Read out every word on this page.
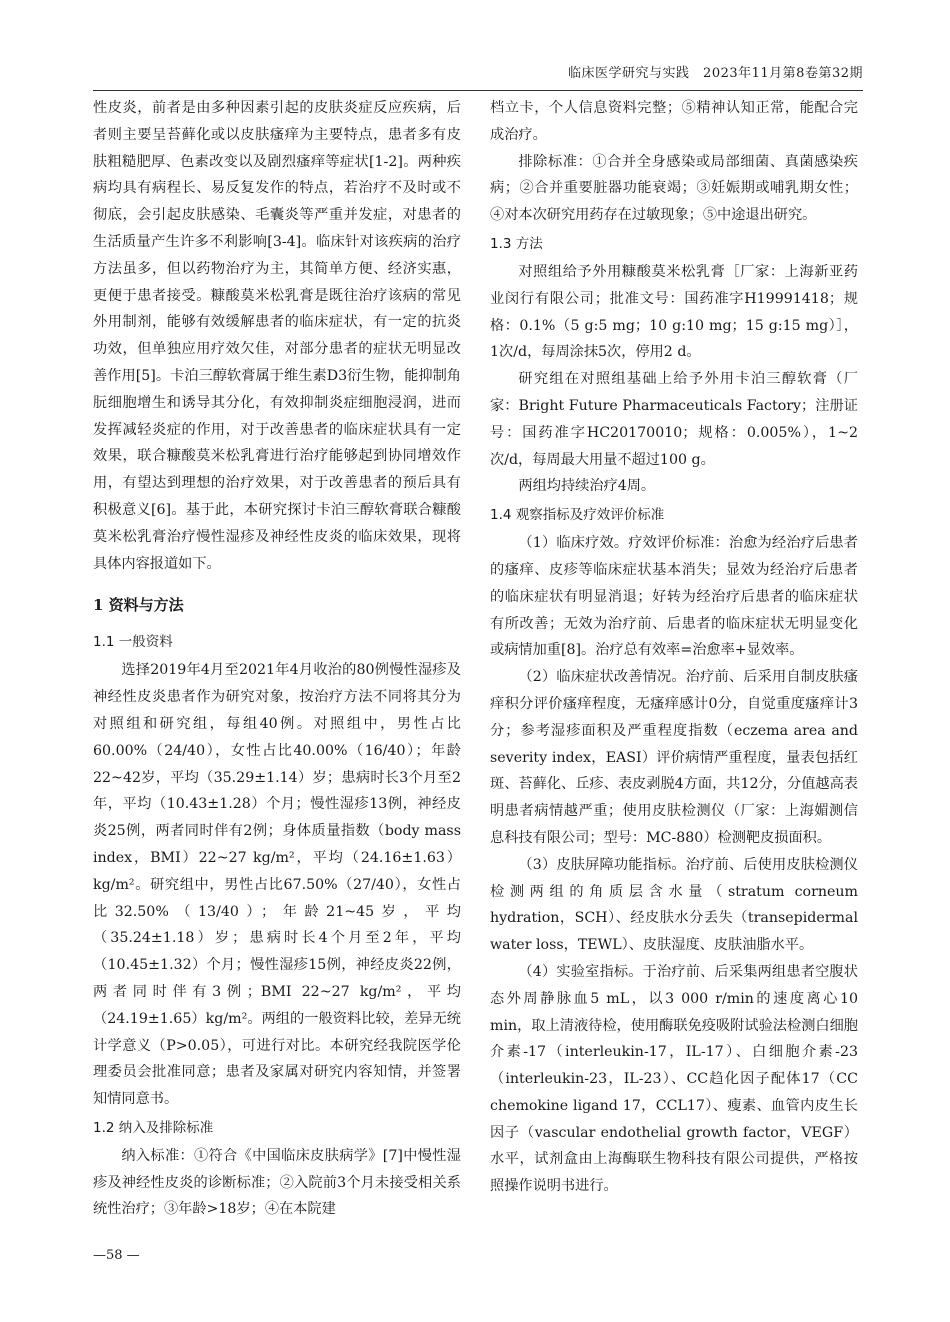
临床医学研究与实践　2023年11月第8卷第32期

性皮炎，前者是由多种因素引起的皮肤炎症反应疾病，后者则主要呈苔藓化或以皮肤瘙痒为主要特点，患者多有皮肤粗糙肥厚、色素改变以及剧烈瘙痒等症状[1-2]。两种疾病均具有病程长、易反复发作的特点，若治疗不及时或不彻底，会引起皮肤感染、毛囊炎等严重并发症，对患者的生活质量产生许多不利影响[3-4]。临床针对该疾病的治疗方法虽多，但以药物治疗为主，其简单方便、经济实惠，更便于患者接受。糠酸莫米松乳膏是既往治疗该病的常见外用制剂，能够有效缓解患者的临床症状，有一定的抗炎功效，但单独应用疗效欠佳，对部分患者的症状无明显改善作用[5]。卡泊三醇软膏属于维生素D3衍生物，能抑制角朊细胞增生和诱导其分化，有效抑制炎症细胞浸润，进而发挥减轻炎症的作用，对于改善患者的临床症状具有一定效果，联合糠酸莫米松乳膏进行治疗能够起到协同增效作用，有望达到理想的治疗效果，对于改善患者的预后具有积极意义[6]。基于此，本研究探讨卡泊三醇软膏联合糠酸莫米松乳膏治疗慢性湿疹及神经性皮炎的临床效果，现将具体内容报道如下。

1 资料与方法
1.1 一般资料

选择2019年4月至2021年4月收治的80例慢性湿疹及神经性皮炎患者作为研究对象，按治疗方法不同将其分为对照组和研究组，每组40例。对照组中，男性占比60.00%（24/40），女性占比40.00%（16/40）；年龄22~42岁，平均（35.29±1.14）岁；患病时长3个月至2年，平均（10.43±1.28）个月；慢性湿疹13例，神经皮炎25例，两者同时伴有2例；身体质量指数（body mass index，BMI）22~27 kg/m²，平均（24.16±1.63）kg/m²。研究组中，男性占比67.50%（27/40），女性占比32.50%（13/40）；年龄21~45岁，平均（35.24±1.18）岁；患病时长4个月至2年，平均（10.45±1.32）个月；慢性湿疹15例，神经皮炎22例，两者同时伴有3例；BMI 22~27 kg/m²，平均（24.19±1.65）kg/m²。两组的一般资料比较，差异无统计学意义（P>0.05），可进行对比。本研究经我院医学伦理委员会批准同意；患者及家属对研究内容知情，并签署知情同意书。

1.2 纳入及排除标准

纳入标准：①符合《中国临床皮肤病学》[7]中慢性湿疹及神经性皮炎的诊断标准；②入院前3个月未接受相关系统性治疗；③年龄>18岁；④在本院建

档立卡，个人信息资料完整；⑤精神认知正常，能配合完成治疗。

排除标准：①合并全身感染或局部细菌、真菌感染疾病；②合并重要脏器功能衰竭；③妊娠期或哺乳期女性；④对本次研究用药存在过敏现象；⑤中途退出研究。

1.3 方法

对照组给予外用糠酸莫米松乳膏［厂家：上海新亚药业闵行有限公司；批准文号：国药准字H19991418；规格：0.1%（5 g:5 mg；10 g:10 mg；15 g:15 mg）］，1次/d，每周涂抹5次，停用2 d。

研究组在对照组基础上给予外用卡泊三醇软膏（厂家：Bright Future Pharmaceuticals Factory；注册证号：国药准字HC20170010；规格：0.005%），1~2次/d，每周最大用量不超过100 g。

两组均持续治疗4周。

1.4 观察指标及疗效评价标准

（1）临床疗效。疗效评价标准：治愈为经治疗后患者的瘙痒、皮疹等临床症状基本消失；显效为经治疗后患者的临床症状有明显消退；好转为经治疗后患者的临床症状有所改善；无效为治疗前、后患者的临床症状无明显变化或病情加重[8]。治疗总有效率=治愈率+显效率。

（2）临床症状改善情况。治疗前、后采用自制皮肤瘙痒积分评价瘙痒程度，无瘙痒感计0分，自觉重度瘙痒计3分；参考湿疹面积及严重程度指数（eczema area and severity index，EASI）评价病情严重程度，量表包括红斑、苔藓化、丘疹、表皮剥脱4方面，共12分，分值越高表明患者病情越严重；使用皮肤检测仪（厂家：上海媚测信息科技有限公司；型号：MC-880）检测靶皮损面积。

（3）皮肤屏障功能指标。治疗前、后使用皮肤检测仪检测两组的角质层含水量（stratum corneum hydration，SCH）、经皮肤水分丢失（transepidermal water loss，TEWL）、皮肤湿度、皮肤油脂水平。

（4）实验室指标。于治疗前、后采集两组患者空腹状态外周静脉血5 mL，以3 000 r/min的速度离心10 min，取上清液待检，使用酶联免疫吸附试验法检测白细胞介素-17（interleukin-17，IL-17）、白细胞介素-23（interleukin-23，IL-23）、CC趋化因子配体17（CC chemokine ligand 17，CCL17）、瘦素、血管内皮生长因子（vascular endothelial growth factor，VEGF）水平，试剂盒由上海酶联生物科技有限公司提供，严格按照操作说明书进行。

—58 —
